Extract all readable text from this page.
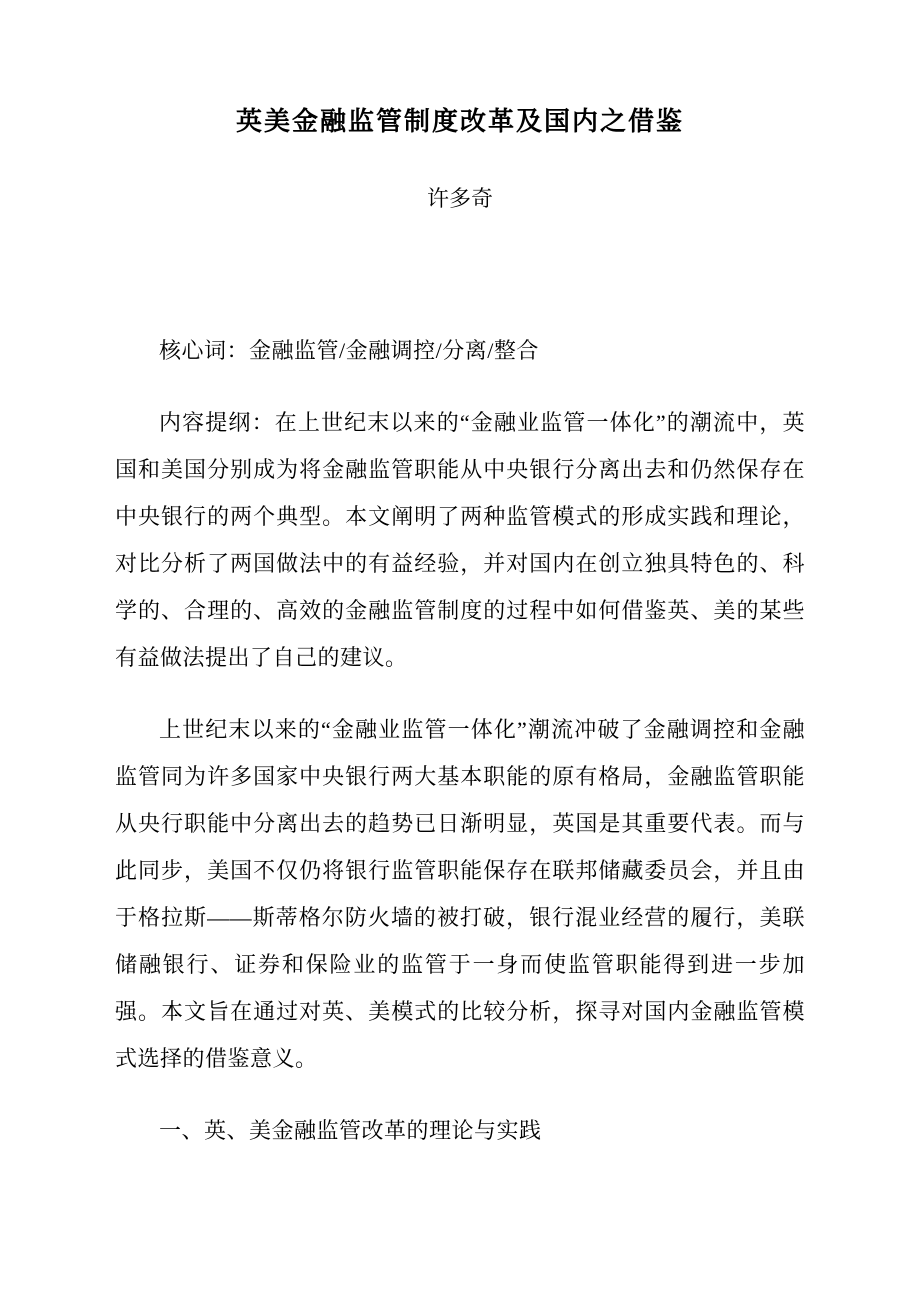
英美金融监管制度改革及国内之借鉴
许多奇

核心词：金融监管/金融调控/分离/整合

内容提纲：在上世纪末以来的“金融业监管一体化”的潮流中，英国和美国分别成为将金融监管职能从中央银行分离出去和仍然保存在中央银行的两个典型。本文阐明了两种监管模式的形成实践和理论，对比分析了两国做法中的有益经验，并对国内在创立独具特色的、科学的、合理的、高效的金融监管制度的过程中如何借鉴英、美的某些有益做法提出了自己的建议。

上世纪末以来的“金融业监管一体化”潮流冲破了金融调控和金融监管同为许多国家中央银行两大基本职能的原有格局，金融监管职能从央行职能中分离出去的趋势已日渐明显，英国是其重要代表。而与此同步，美国不仅仍将银行监管职能保存在联邦储藏委员会，并且由于格拉斯——斯蒂格尔防火墙的被打破，银行混业经营的履行，美联储融银行、证券和保险业的监管于一身而使监管职能得到进一步加强。本文旨在通过对英、美模式的比较分析，探寻对国内金融监管模式选择的借鉴意义。

一、英、美金融监管改革的理论与实践
